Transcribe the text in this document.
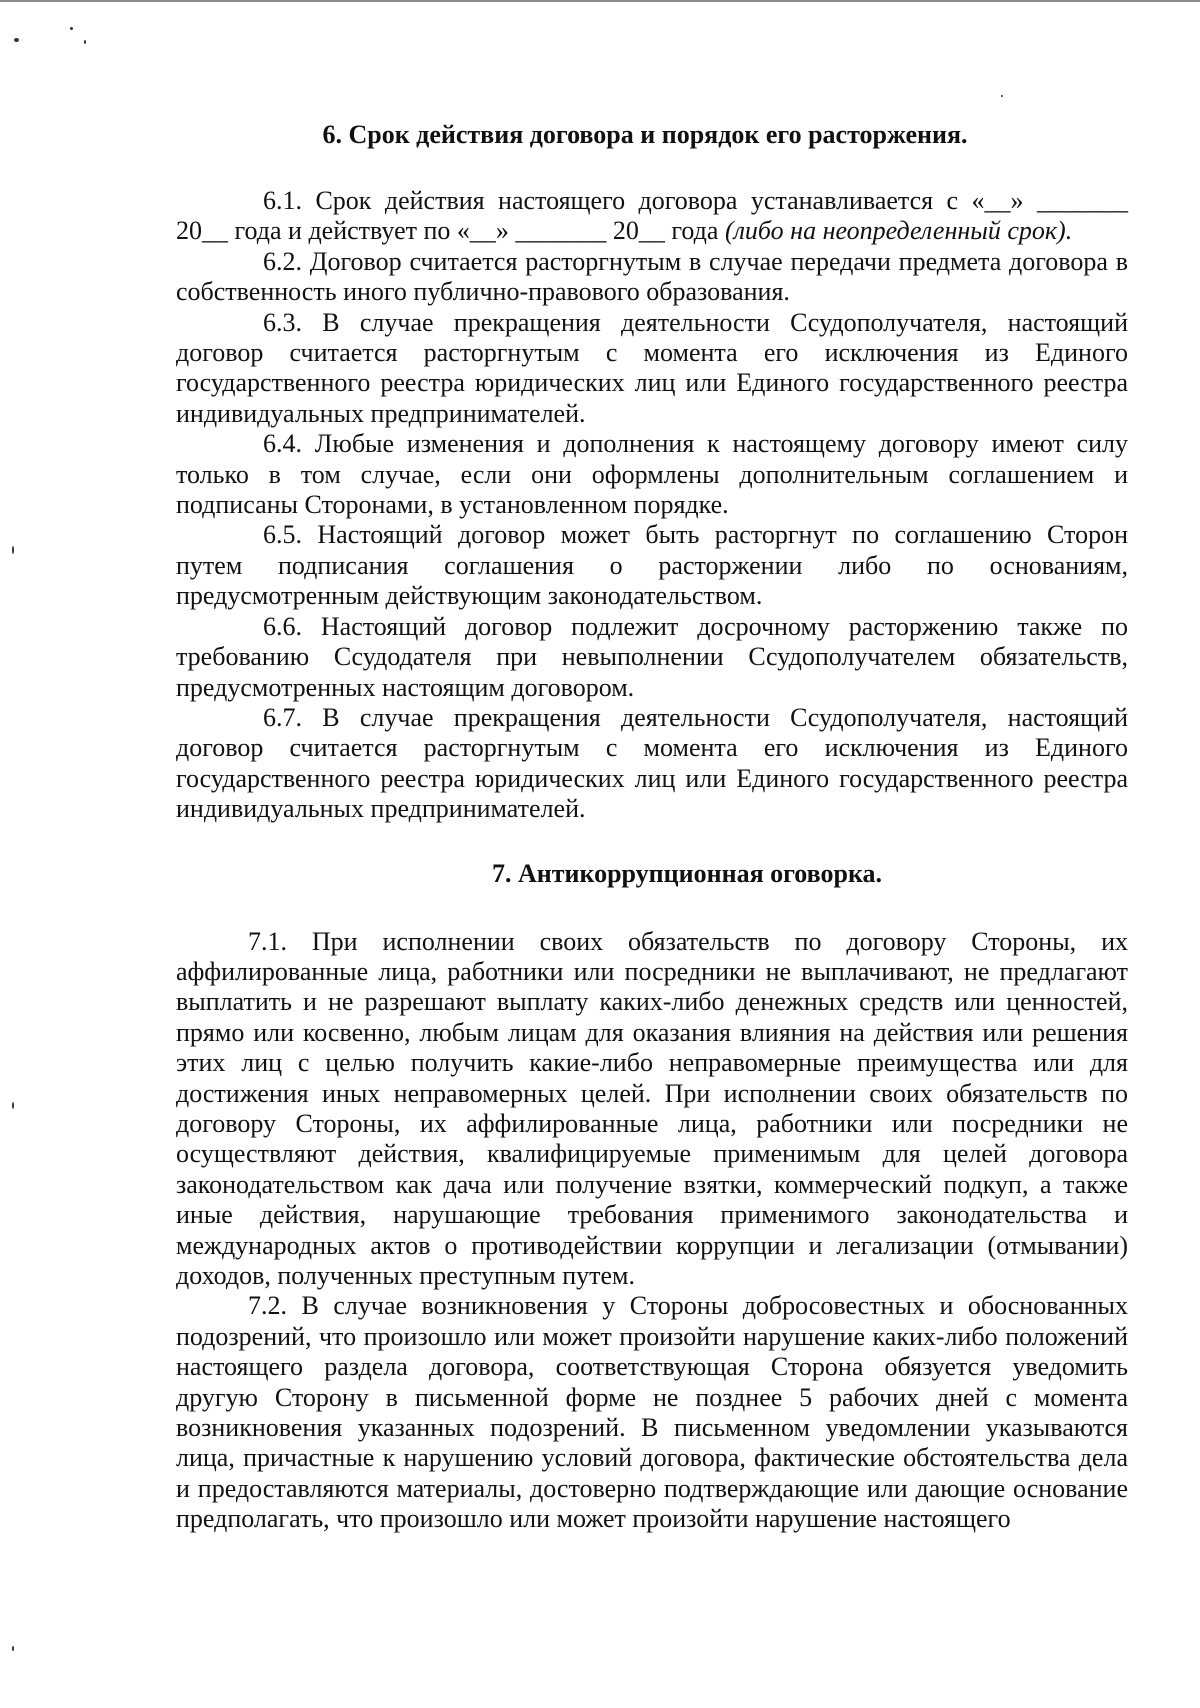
6. Срок действия договора и порядок его расторжения.

6.1. Срок действия настоящего договора устанавливается с «__» _______ 20__ года и действует по «__» _______ 20__ года (либо на неопределенный срок).

6.2. Договор считается расторгнутым в случае передачи предмета договора в собственность иного публично-правового образования.

6.3. В случае прекращения деятельности Ссудополучателя, настоящий договор считается расторгнутым с момента его исключения из Единого государственного реестра юридических лиц или Единого государственного реестра индивидуальных предпринимателей.

6.4. Любые изменения и дополнения к настоящему договору имеют силу только в том случае, если они оформлены дополнительным соглашением и подписаны Сторонами, в установленном порядке.

6.5. Настоящий договор может быть расторгнут по соглашению Сторон путем подписания соглашения о расторжении либо по основаниям, предусмотренным действующим законодательством.

6.6. Настоящий договор подлежит досрочному расторжению также по требованию Ссудодателя при невыполнении Ссудополучателем обязательств, предусмотренных настоящим договором.

6.7. В случае прекращения деятельности Ссудополучателя, настоящий договор считается расторгнутым с момента его исключения из Единого государственного реестра юридических лиц или Единого государственного реестра индивидуальных предпринимателей.

7. Антикоррупционная оговорка.

7.1. При исполнении своих обязательств по договору Стороны, их аффилированные лица, работники или посредники не выплачивают, не предлагают выплатить и не разрешают выплату каких-либо денежных средств или ценностей, прямо или косвенно, любым лицам для оказания влияния на действия или решения этих лиц с целью получить какие-либо неправомерные преимущества или для достижения иных неправомерных целей. При исполнении своих обязательств по договору Стороны, их аффилированные лица, работники или посредники не осуществляют действия, квалифицируемые применимым для целей договора законодательством как дача или получение взятки, коммерческий подкуп, а также иные действия, нарушающие требования применимого законодательства и международных актов о противодействии коррупции и легализации (отмывании) доходов, полученных преступным путем.

7.2. В случае возникновения у Стороны добросовестных и обоснованных подозрений, что произошло или может произойти нарушение каких-либо положений настоящего раздела договора, соответствующая Сторона обязуется уведомить другую Сторону в письменной форме не позднее 5 рабочих дней с момента возникновения указанных подозрений. В письменном уведомлении указываются лица, причастные к нарушению условий договора, фактические обстоятельства дела и предоставляются материалы, достоверно подтверждающие или дающие основание предполагать, что произошло или может произойти нарушение настоящего
